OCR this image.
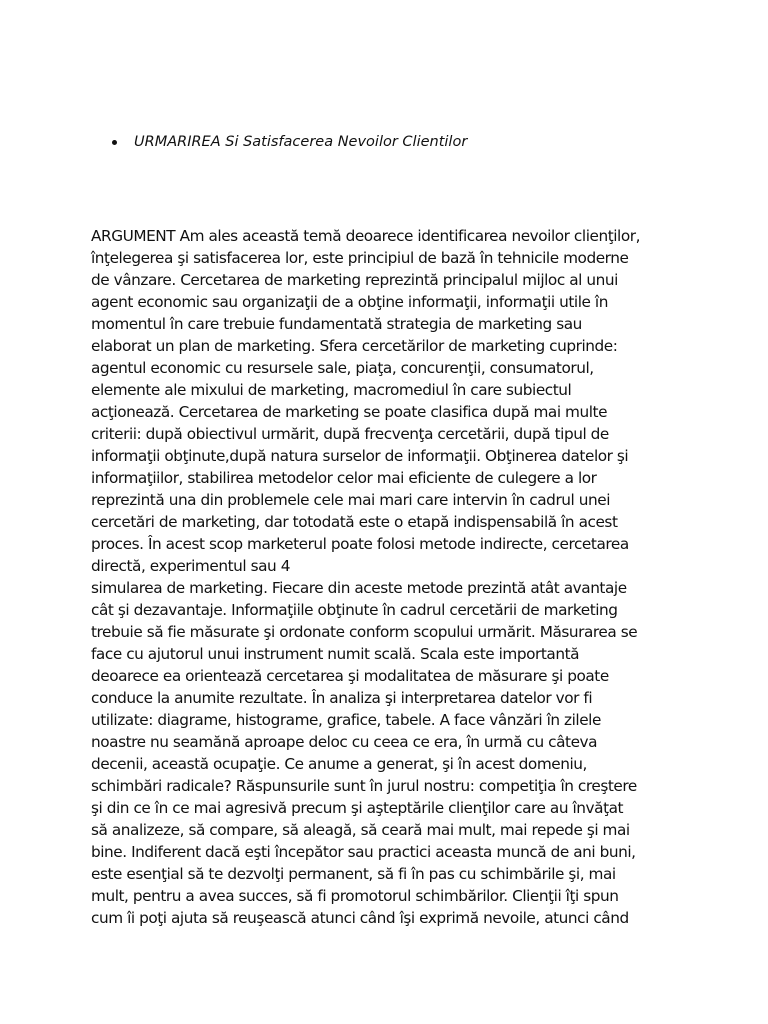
URMARIREA Si Satisfacerea Nevoilor Clientilor
ARGUMENT Am ales această temă deoarece identificarea nevoilor clienţilor,
înţelegerea şi satisfacerea lor, este principiul de bază în tehnicile moderne
de vânzare. Cercetarea de marketing reprezintă principalul mijloc al unui
agent economic sau organizaţii de a obţine informaţii, informaţii utile în
momentul în care trebuie fundamentată strategia de marketing sau
elaborat un plan de marketing. Sfera cercetărilor de marketing cuprinde:
agentul economic cu resursele sale, piaţa, concurenţii, consumatorul,
elemente ale mixului de marketing, macromediul în care subiectul
acţionează. Cercetarea de marketing se poate clasifica după mai multe
criterii: după obiectivul urmărit, după frecvenţa cercetării, după tipul de
informaţii obţinute,după natura surselor de informaţii. Obţinerea datelor şi
informaţiilor, stabilirea metodelor celor mai eficiente de culegere a lor
reprezintă una din problemele cele mai mari care intervin în cadrul unei
cercetări de marketing, dar totodată este o etapă indispensabilă în acest
proces. În acest scop marketerul poate folosi metode indirecte, cercetarea
directă, experimentul sau 4
simularea de marketing. Fiecare din aceste metode prezintă atât avantaje
cât şi dezavantaje. Informaţiile obţinute în cadrul cercetării de marketing
trebuie să fie măsurate şi ordonate conform scopului urmărit. Măsurarea se
face cu ajutorul unui instrument numit scală. Scala este importantă
deoarece ea orientează cercetarea şi modalitatea de măsurare şi poate
conduce la anumite rezultate. În analiza şi interpretarea datelor vor fi
utilizate: diagrame, histograme, grafice, tabele. A face vânzări în zilele
noastre nu seamănă aproape deloc cu ceea ce era, în urmă cu câteva
decenii, această ocupaţie. Ce anume a generat, şi în acest domeniu,
schimbări radicale? Răspunsurile sunt în jurul nostru: competiţia în creştere
şi din ce în ce mai agresivă precum şi aşteptările clienţilor care au învăţat
să analizeze, să compare, să aleagă, să ceară mai mult, mai repede şi mai
bine. Indiferent dacă eşti începător sau practici aceasta muncă de ani buni,
este esenţial să te dezvolţi permanent, să fi în pas cu schimbările şi, mai
mult, pentru a avea succes, să fi promotorul schimbărilor. Clienţii îţi spun
cum îi poţi ajuta să reuşească atunci când îşi exprimă nevoile, atunci când
